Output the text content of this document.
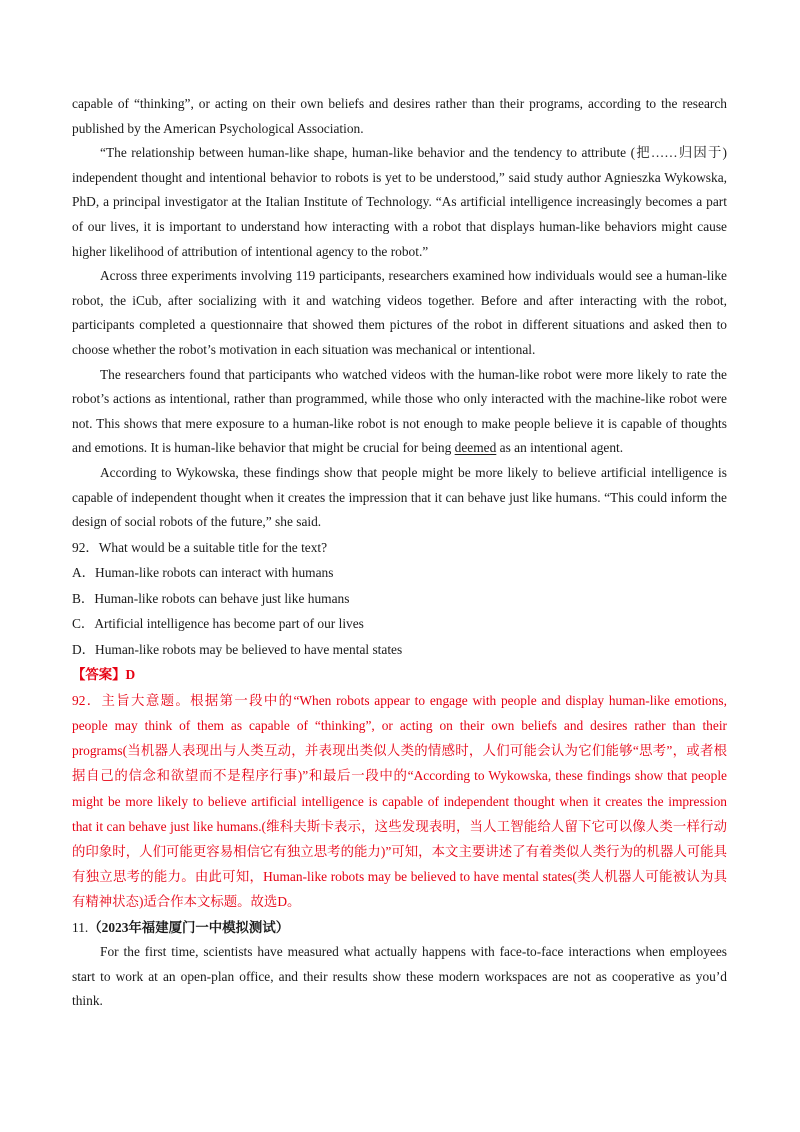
capable of “thinking”, or acting on their own beliefs and desires rather than their programs, according to the research published by the American Psychological Association.

“The relationship between human-like shape, human-like behavior and the tendency to attribute (把……归因于) independent thought and intentional behavior to robots is yet to be understood,” said study author Agnieszka Wykowska, PhD, a principal investigator at the Italian Institute of Technology. “As artificial intelligence increasingly becomes a part of our lives, it is important to understand how interacting with a robot that displays human-like behaviors might cause higher likelihood of attribution of intentional agency to the robot.”

Across three experiments involving 119 participants, researchers examined how individuals would see a human-like robot, the iCub, after socializing with it and watching videos together. Before and after interacting with the robot, participants completed a questionnaire that showed them pictures of the robot in different situations and asked then to choose whether the robot’s motivation in each situation was mechanical or intentional.

The researchers found that participants who watched videos with the human-like robot were more likely to rate the robot’s actions as intentional, rather than programmed, while those who only interacted with the machine-like robot were not. This shows that mere exposure to a human-like robot is not enough to make people believe it is capable of thoughts and emotions. It is human-like behavior that might be crucial for being deemed as an intentional agent.

According to Wykowska, these findings show that people might be more likely to believe artificial intelligence is capable of independent thought when it creates the impression that it can behave just like humans. “This could inform the design of social robots of the future,” she said.

92．What would be a suitable title for the text?

A．Human-like robots can interact with humans

B．Human-like robots can behave just like humans

C．Artificial intelligence has become part of our lives

D．Human-like robots may be believed to have mental states

【答案】D

92．主旨大意题。根据第一段中的“When robots appear to engage with people and display human-like emotions, people may think of them as capable of “thinking”, or acting on their own beliefs and desires rather than their programs(当机器人表现出与人类互动，并表现出类似人类的情感时，人们可能会认为它们能够“思考”，或者根据自己的信念和欲望而不是程序行事)”和最后一段中的“According to Wykowska, these findings show that people might be more likely to believe artificial intelligence is capable of independent thought when it creates the impression that it can behave just like humans.(维科夫斯卡表示，这些发现表明，当人工智能给人留下它可以像人类一样行动的印象时，人们可能更容易相信它有独立思考的能力)”可知，本文主要讲述了有着类似人类行为的机器人可能具有独立思考的能力。由此可知，Human-like robots may be believed to have mental states(类人机器人可能被认为具有精神状态)适合作本文标题。故选D。

11.（2023年福建厦门一中模拟测试）

For the first time, scientists have measured what actually happens with face-to-face interactions when employees start to work at an open-plan office, and their results show these modern workspaces are not as cooperative as you’d think.
